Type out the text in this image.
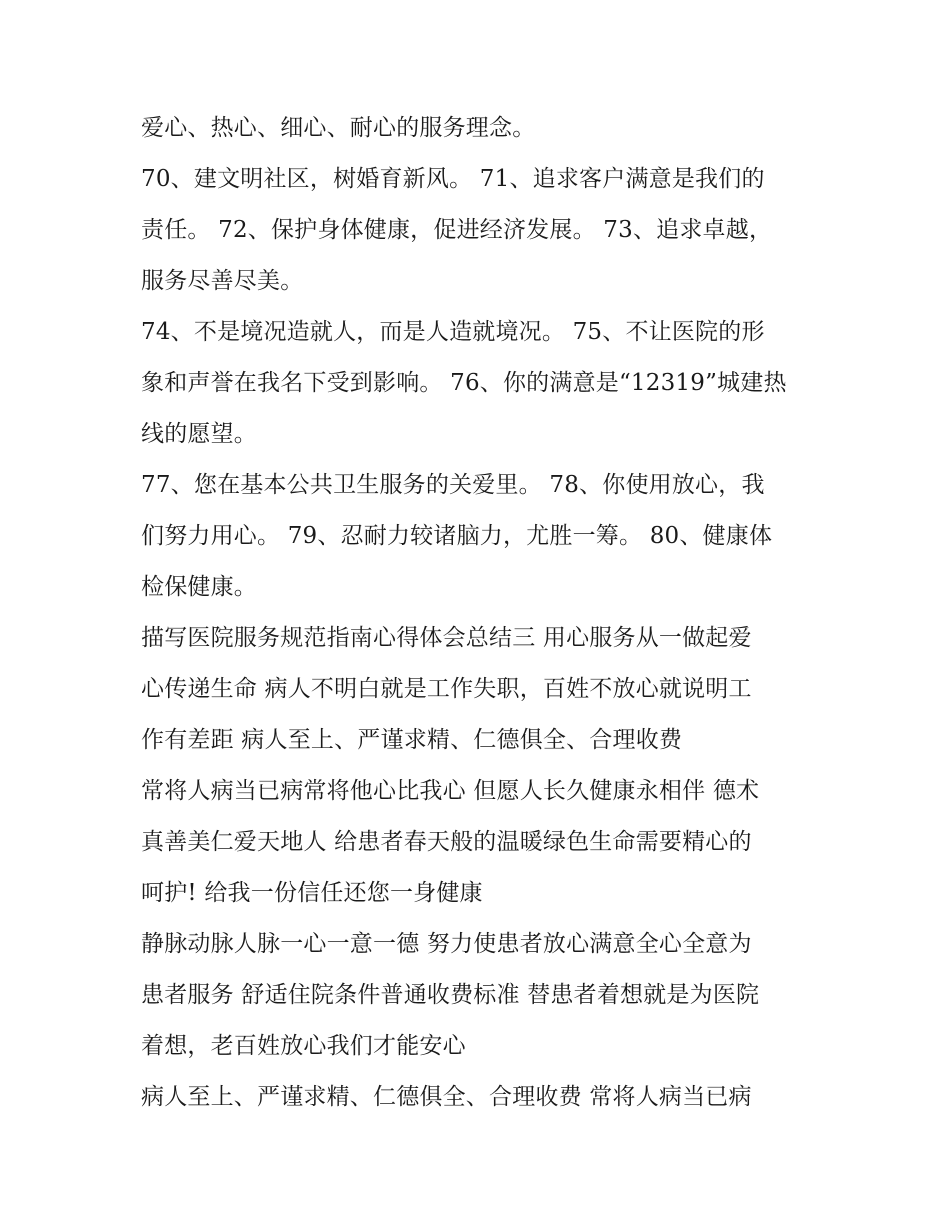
爱心、热心、细心、耐心的服务理念。
70、建文明社区，树婚育新风。 71、追求客户满意是我们的
责任。 72、保护身体健康，促进经济发展。 73、追求卓越，
服务尽善尽美。
74、不是境况造就人，而是人造就境况。 75、不让医院的形
象和声誉在我名下受到影响。 76、你的满意是“12319”城建热
线的愿望。
77、您在基本公共卫生服务的关爱里。 78、你使用放心，我
们努力用心。 79、忍耐力较诸脑力，尤胜一筹。 80、健康体
检保健康。
描写医院服务规范指南心得体会总结三 用心服务从一做起爱
心传递生命 病人不明白就是工作失职，百姓不放心就说明工
作有差距 病人至上、严谨求精、仁德俱全、合理收费
常将人病当已病常将他心比我心 但愿人长久健康永相伴 德术
真善美仁爱天地人 给患者春天般的温暖绿色生命需要精心的
呵护! 给我一份信任还您一身健康
静脉动脉人脉一心一意一德 努力使患者放心满意全心全意为
患者服务 舒适住院条件普通收费标准 替患者着想就是为医院
着想，老百姓放心我们才能安心
病人至上、严谨求精、仁德俱全、合理收费 常将人病当已病
